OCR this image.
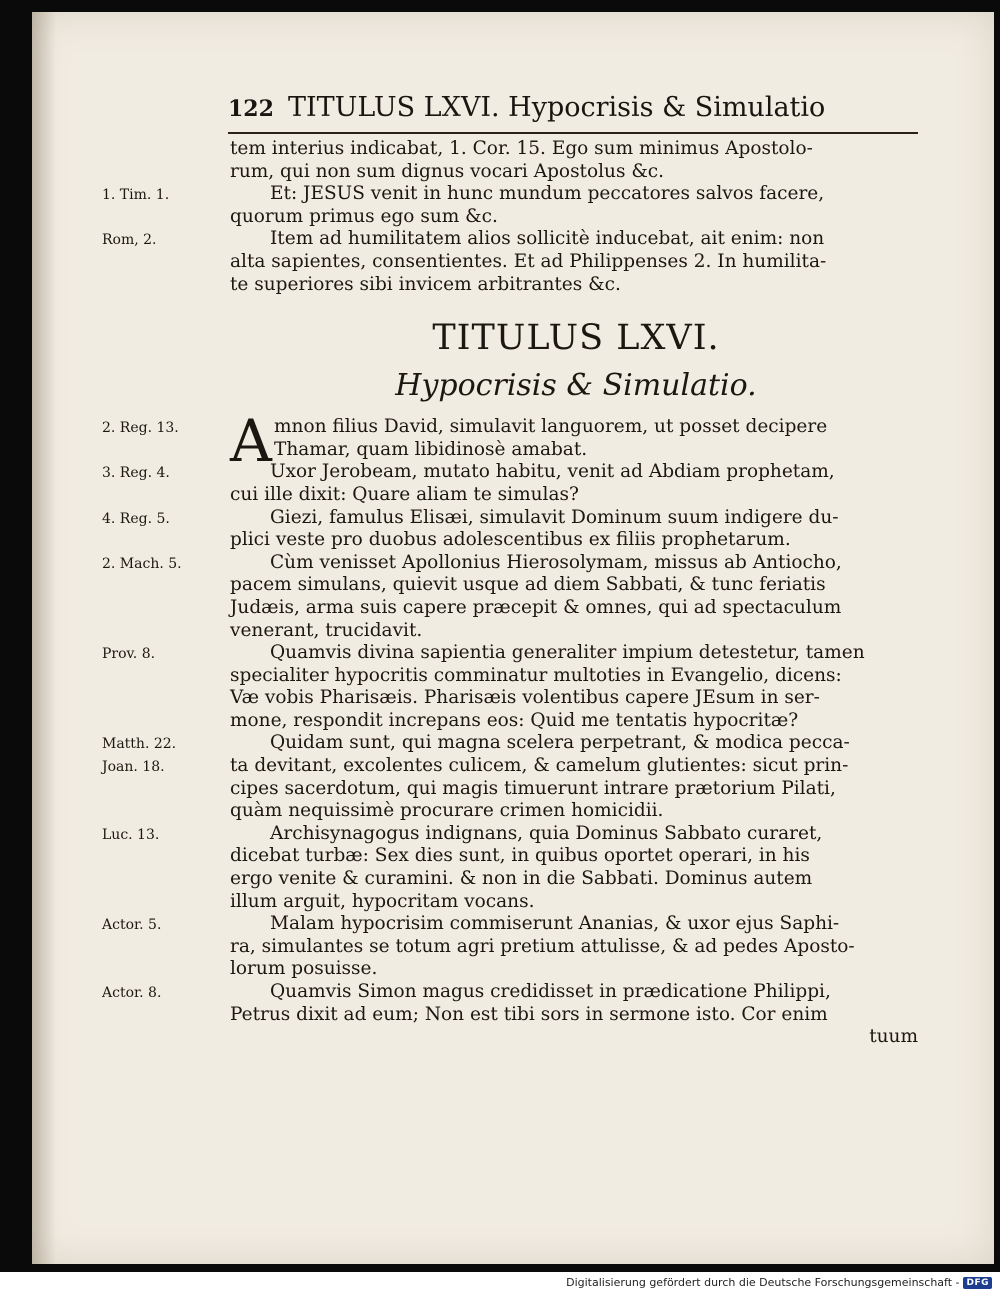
122 TITULUS LXVI. Hypocrisis & Simulatio
tem interius indicabat, 1. Cor. 15. Ego sum minimus Apostolo-
rum, qui non sum dignus vocari Apostolus &c.
1. Tim. 1.	Et: JESUS venit in hunc mundum peccatores salvos facere,
quorum primus ego sum &c.
Rom, 2.	Item ad humilitatem alios sollicitè inducebat, ait enim: non
alta sapientes, consentientes. Et ad Philippenses 2. In humilita-
te superiores sibi invicem arbitrantes &c.
TITULUS LXVI.
Hypocrisis & Simulatio.
2. Reg. 13. A mnon filius David, simulavit languorem, ut posset decipere
Thamar, quam libidinosè amabat.
3. Reg. 4.	Uxor Jerobeam, mutato habitu, venit ad Abdiam prophetam,
cui ille dixit: Quare aliam te simulas?
4. Reg. 5.	Giezi, famulus Elisæi, simulavit Dominum suum indigere du-
plici veste pro duobus adolescentibus ex filiis prophetarum.
2. Mach. 5.	Cùm venisset Apollonius Hierosolymam, missus ab Antiocho,
pacem simulans, quievit usque ad diem Sabbati, & tunc feriatis
Judæis, arma suis capere præcepit & omnes, qui ad spectaculum
venerant, trucidavit.
Prov. 8.	Quamvis divina sapientia generaliter impium detestetur, tamen
specialiter hypocritis comminatur multoties in Evangelio, dicens:
Væ vobis Pharisæis. Pharisæis volentibus capere JEsum in ser-
mone, respondit increpans eos: Quid me tentatis hypocritæ?
Matth. 22.
Joan. 18.
Quidam sunt, qui magna scelera perpetrant, & modica pecca-
ta devitant, excolentes culicem, & camelum glutientes: sicut prin-
cipes sacerdotum, qui magis timuerunt intrare prætorium Pilati,
quàm nequissimè procurare crimen homicidii.
Luc. 13.	Archisynagogus indignans, quia Dominus Sabbato curaret,
dicebat turbæ: Sex dies sunt, in quibus oportet operari, in his
ergo venite & curamini. & non in die Sabbati. Dominus autem
illum arguit, hypocritam vocans.
Actor. 5.	Malam hypocrisim commiserunt Ananias, & uxor ejus Saphi-
ra, simulantes se totum agri pretium attulisse, & ad pedes Aposto-
lorum posuisse.
Actor. 8.	Quamvis Simon magus credidisset in prædicatione Philippi,
Petrus dixit ad eum; Non est tibi sors in sermone isto. Cor enim
tuum
Digitalisierung gefördert durch die Deutsche Forschungsgemeinschaft - DFG
